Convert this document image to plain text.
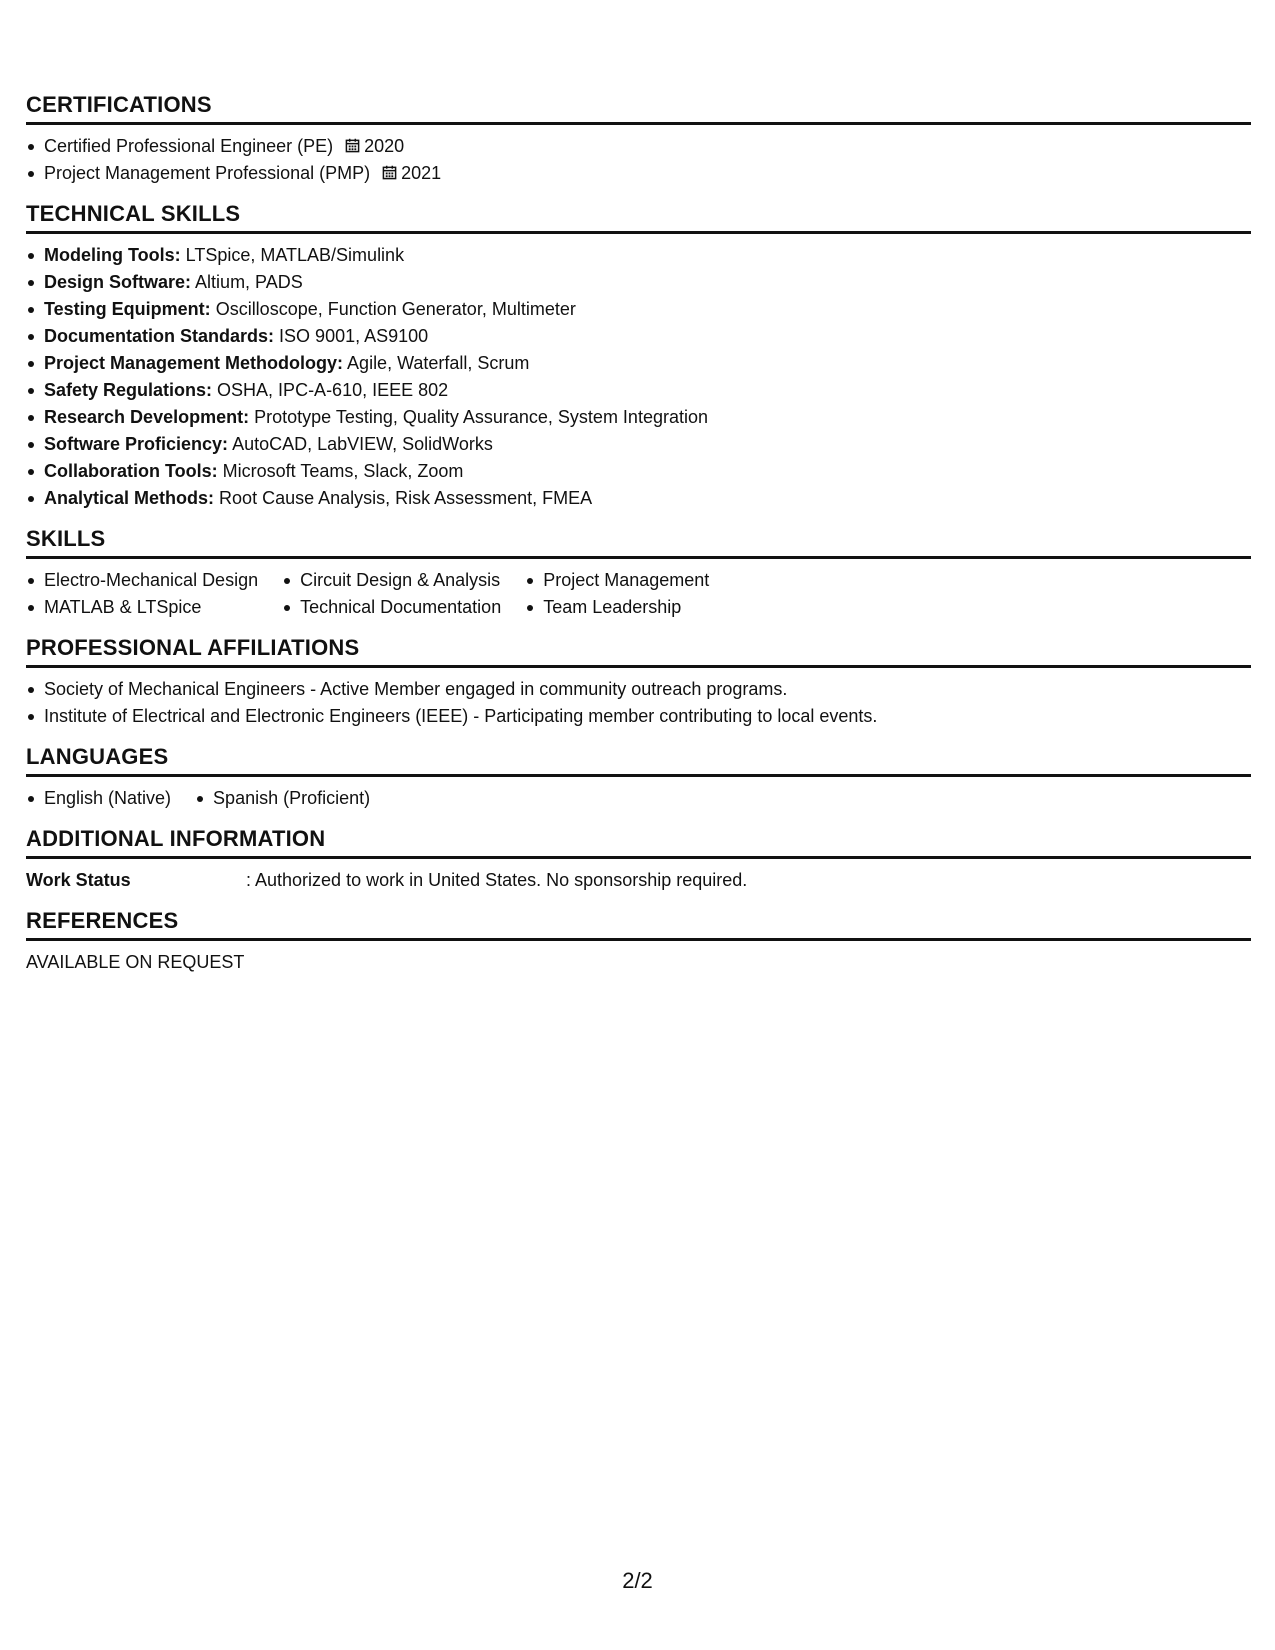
CERTIFICATIONS
Certified Professional Engineer (PE) 2020
Project Management Professional (PMP) 2021
TECHNICAL SKILLS
Modeling Tools: LTSpice, MATLAB/Simulink
Design Software: Altium, PADS
Testing Equipment: Oscilloscope, Function Generator, Multimeter
Documentation Standards: ISO 9001, AS9100
Project Management Methodology: Agile, Waterfall, Scrum
Safety Regulations: OSHA, IPC-A-610, IEEE 802
Research Development: Prototype Testing, Quality Assurance, System Integration
Software Proficiency: AutoCAD, LabVIEW, SolidWorks
Collaboration Tools: Microsoft Teams, Slack, Zoom
Analytical Methods: Root Cause Analysis, Risk Assessment, FMEA
SKILLS
Electro-Mechanical Design
MATLAB & LTSpice
Circuit Design & Analysis
Technical Documentation
Project Management
Team Leadership
PROFESSIONAL AFFILIATIONS
Society of Mechanical Engineers - Active Member engaged in community outreach programs.
Institute of Electrical and Electronic Engineers (IEEE) - Participating member contributing to local events.
LANGUAGES
English (Native)	Spanish (Proficient)
ADDITIONAL INFORMATION
Work Status	: Authorized to work in United States. No sponsorship required.
REFERENCES
AVAILABLE ON REQUEST
2/2
